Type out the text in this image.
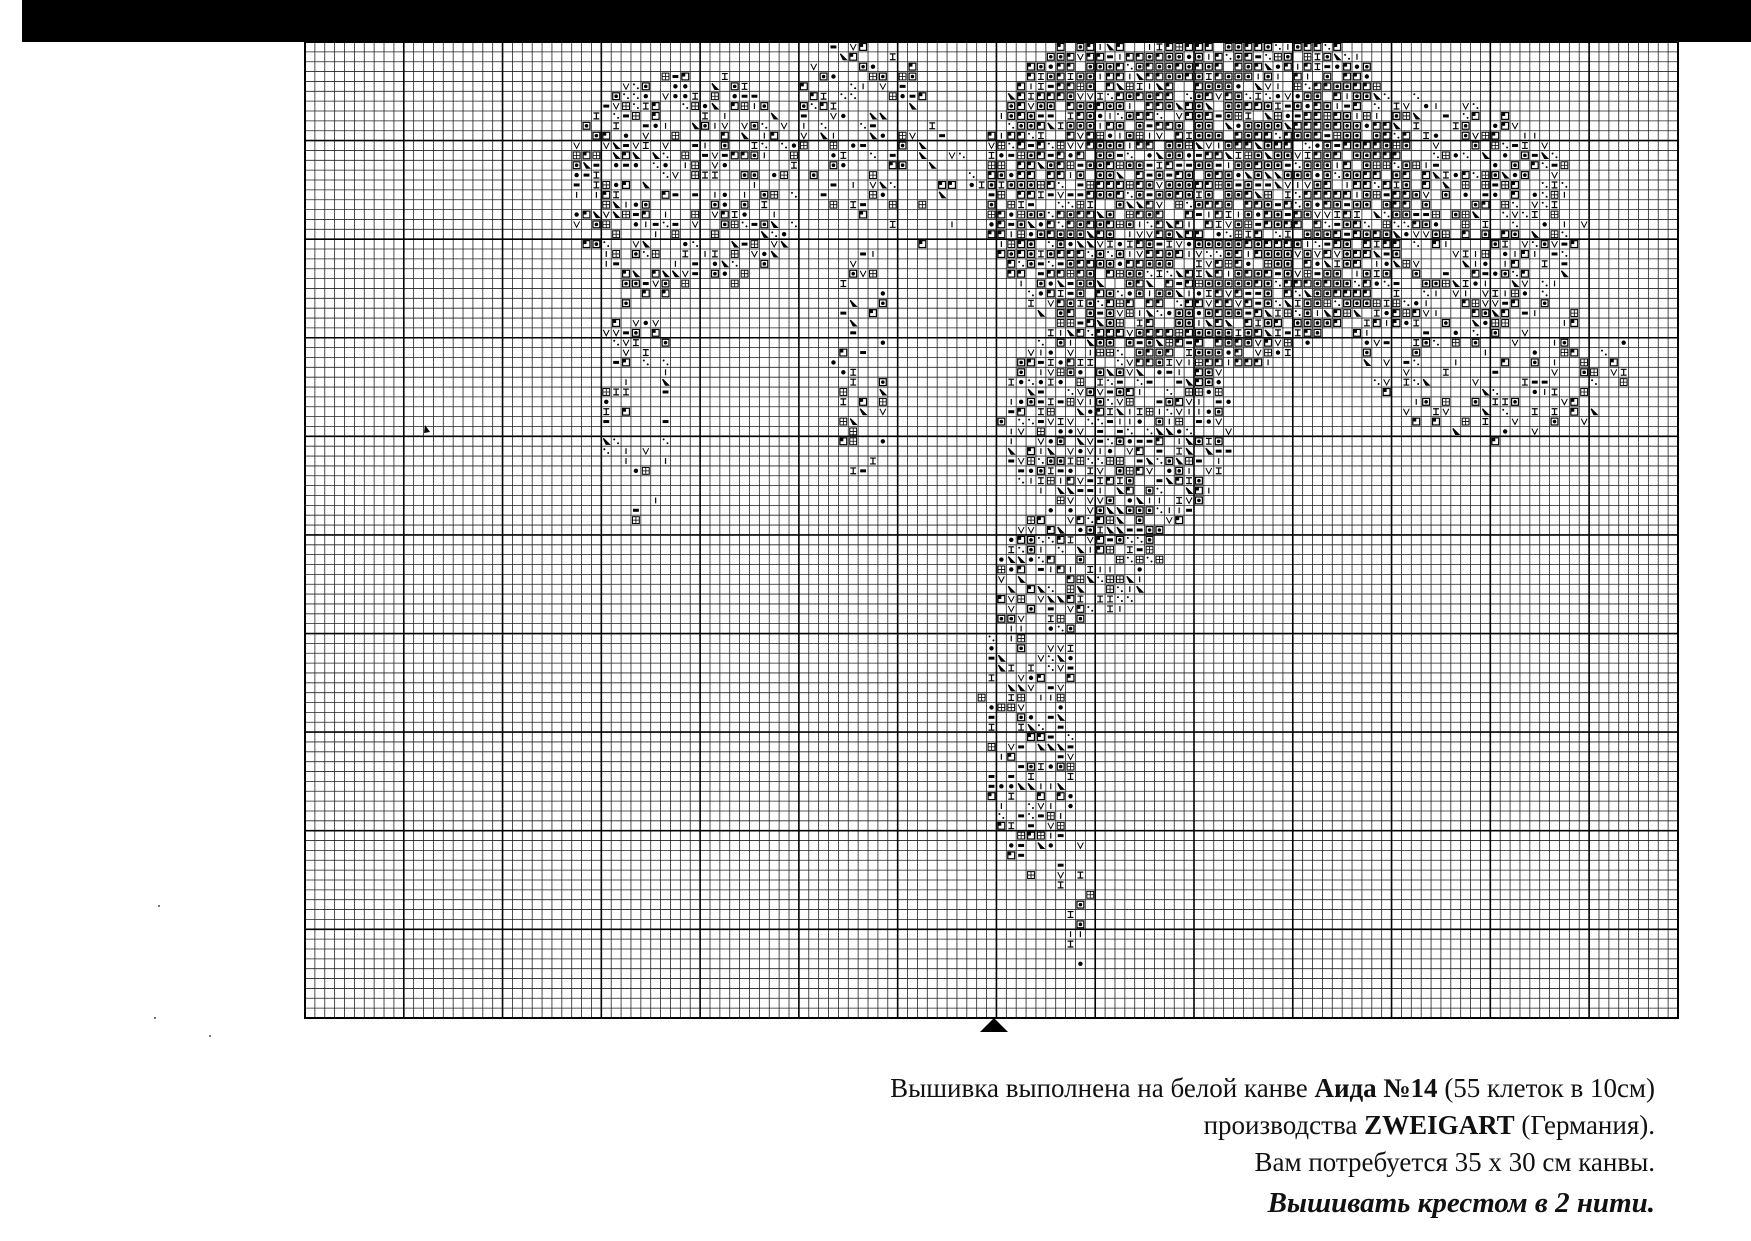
Вышивка выполнена на белой канве Аида №14 (55 клеток в 10см)
производства ZWEIGART (Германия).
Вам потребуется 35 х 30 см канвы.
Вышивать крестом в 2 нити.
